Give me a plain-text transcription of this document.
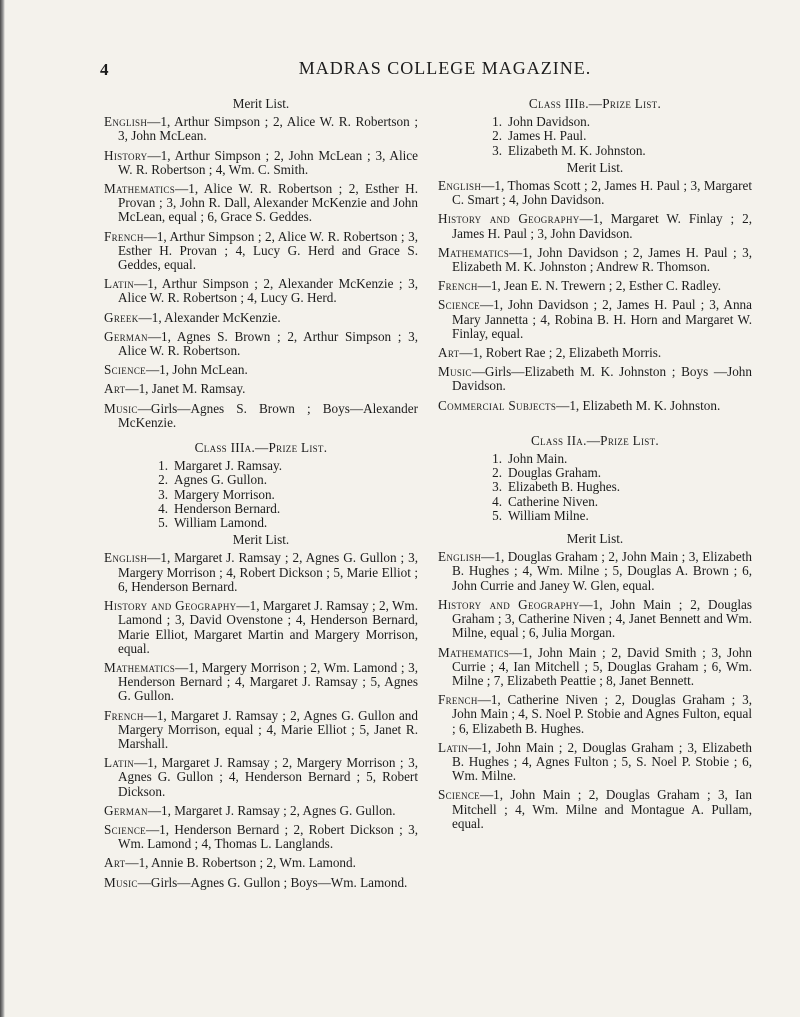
4	MADRAS COLLEGE MAGAZINE.
Merit List.

English—1, Arthur Simpson ; 2, Alice W. R. Robertson ; 3, John McLean.

History—1, Arthur Simpson ; 2, John McLean ; 3, Alice W. R. Robertson ; 4, Wm. C. Smith.

Mathematics—1, Alice W. R. Robertson ; 2, Esther H. Provan ; 3, John R. Dall, Alexander McKenzie and John McLean, equal ; 6, Grace S. Geddes.

French—1, Arthur Simpson ; 2, Alice W. R. Robertson ; 3, Esther H. Provan ; 4, Lucy G. Herd and Grace S. Geddes, equal.

Latin—1, Arthur Simpson ; 2, Alexander McKenzie ; 3, Alice W. R. Robertson ; 4, Lucy G. Herd.

Greek—1, Alexander McKenzie.

German—1, Agnes S. Brown ; 2, Arthur Simpson ; 3, Alice W. R. Robertson.

Science—1, John McLean.

Art—1, Janet M. Ramsay.

Music—Girls—Agnes S. Brown ; Boys—Alexander McKenzie.

Class IIIa.—Prize List.
1. Margaret J. Ramsay.
2. Agnes G. Gullon.
3. Margery Morrison.
4. Henderson Bernard.
5. William Lamond.
Merit List.

English—1, Margaret J. Ramsay ; 2, Agnes G. Gullon ; 3, Margery Morrison ; 4, Robert Dickson ; 5, Marie Elliot ; 6, Henderson Bernard.

History and Geography—1, Margaret J. Ramsay ; 2, Wm. Lamond ; 3, David Ovenstone ; 4, Henderson Bernard, Marie Elliot, Margaret Martin and Margery Morrison, equal.

Mathematics—1, Margery Morrison ; 2, Wm. Lamond ; 3, Henderson Bernard ; 4, Margaret J. Ramsay ; 5, Agnes G. Gullon.

French—1, Margaret J. Ramsay ; 2, Agnes G. Gullon and Margery Morrison, equal ; 4, Marie Elliot ; 5, Janet R. Marshall.

Latin—1, Margaret J. Ramsay ; 2, Margery Morrison ; 3, Agnes G. Gullon ; 4, Henderson Bernard ; 5, Robert Dickson.

German—1, Margaret J. Ramsay ; 2, Agnes G. Gullon.

Science—1, Henderson Bernard ; 2, Robert Dickson ; 3, Wm. Lamond ; 4, Thomas L. Langlands.

Art—1, Annie B. Robertson ; 2, Wm. Lamond.

Music—Girls—Agnes G. Gullon ; Boys—Wm. Lamond.

Class IIIb.—Prize List.
1. John Davidson.
2. James H. Paul.
3. Elizabeth M. K. Johnston.
Merit List.

English—1, Thomas Scott ; 2, James H. Paul ; 3, Margaret C. Smart ; 4, John Davidson.

History and Geography—1, Margaret W. Finlay ; 2, James H. Paul ; 3, John Davidson.

Mathematics—1, John Davidson ; 2, James H. Paul ; 3, Elizabeth M. K. Johnston ; Andrew R. Thomson.

French—1, Jean E. N. Trewern ; 2, Esther C. Radley.

Science—1, John Davidson ; 2, James H. Paul ; 3, Anna Mary Jannetta ; 4, Robina B. H. Horn and Margaret W. Finlay, equal.

Art—1, Robert Rae ; 2, Elizabeth Morris.

Music—Girls—Elizabeth M. K. Johnston ; Boys —John Davidson.

Commercial Subjects—1, Elizabeth M. K. Johnston.

Class IIa.—Prize List.
1. John Main.
2. Douglas Graham.
3. Elizabeth B. Hughes.
4. Catherine Niven.
5. William Milne.
Merit List.

English—1, Douglas Graham ; 2, John Main ; 3, Elizabeth B. Hughes ; 4, Wm. Milne ; 5, Douglas A. Brown ; 6, John Currie and Janey W. Glen, equal.

History and Geography—1, John Main ; 2, Douglas Graham ; 3, Catherine Niven ; 4, Janet Bennett and Wm. Milne, equal ; 6, Julia Morgan.

Mathematics—1, John Main ; 2, David Smith ; 3, John Currie ; 4, Ian Mitchell ; 5, Douglas Graham ; 6, Wm. Milne ; 7, Elizabeth Peattie ; 8, Janet Bennett.

French—1, Catherine Niven ; 2, Douglas Graham ; 3, John Main ; 4, S. Noel P. Stobie and Agnes Fulton, equal ; 6, Elizabeth B. Hughes.

Latin—1, John Main ; 2, Douglas Graham ; 3, Elizabeth B. Hughes ; 4, Agnes Fulton ; 5, S. Noel P. Stobie ; 6, Wm. Milne.

Science—1, John Main ; 2, Douglas Graham ; 3, Ian Mitchell ; 4, Wm. Milne and Montague A. Pullam, equal.
